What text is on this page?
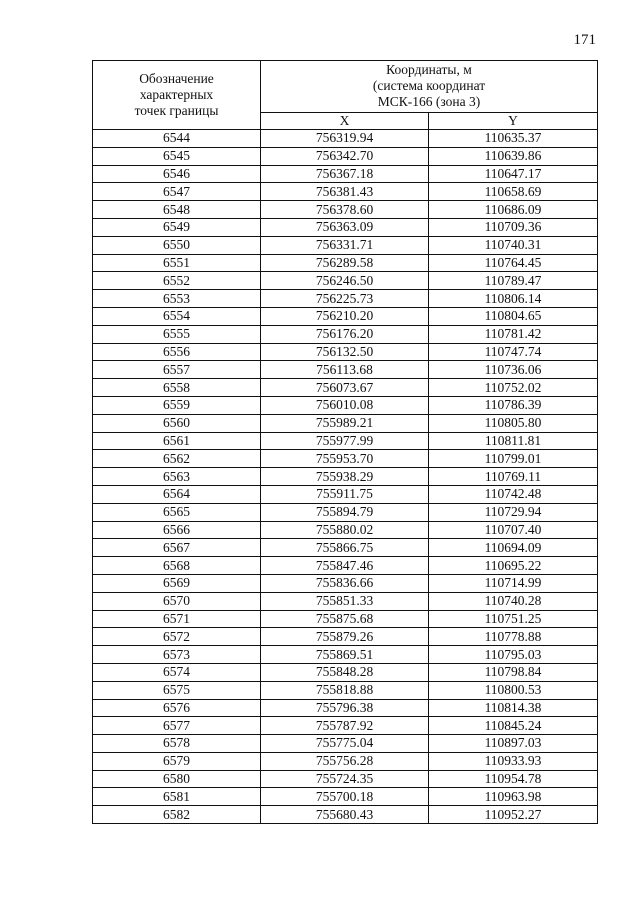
171
Обозначение
характерных
точек границы	Координаты, м
(система координат
МСК-166 (зона 3)	

	X	Y
6544	756319.94	110635.37
6545	756342.70	110639.86
6546	756367.18	110647.17
6547	756381.43	110658.69
6548	756378.60	110686.09
6549	756363.09	110709.36
6550	756331.71	110740.31
6551	756289.58	110764.45
6552	756246.50	110789.47
6553	756225.73	110806.14
6554	756210.20	110804.65
6555	756176.20	110781.42
6556	756132.50	110747.74
6557	756113.68	110736.06
6558	756073.67	110752.02
6559	756010.08	110786.39
6560	755989.21	110805.80
6561	755977.99	110811.81
6562	755953.70	110799.01
6563	755938.29	110769.11
6564	755911.75	110742.48
6565	755894.79	110729.94
6566	755880.02	110707.40
6567	755866.75	110694.09
6568	755847.46	110695.22
6569	755836.66	110714.99
6570	755851.33	110740.28
6571	755875.68	110751.25
6572	755879.26	110778.88
6573	755869.51	110795.03
6574	755848.28	110798.84
6575	755818.88	110800.53
6576	755796.38	110814.38
6577	755787.92	110845.24
6578	755775.04	110897.03
6579	755756.28	110933.93
6580	755724.35	110954.78
6581	755700.18	110963.98
6582	755680.43	110952.27
